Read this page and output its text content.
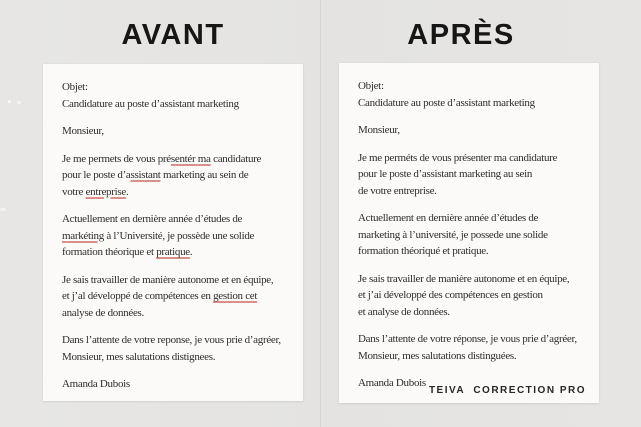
AVANT	APRÈS

Objet:
Candidature au poste d’assistant marketing

Monsieur,

Je me permets de vous présentér ma candidature
pour le poste d’assistant marketing au sein de
votre entreprise.

Actuellement en dernière année d’études de
markéting à l’Université, je possède une solide
formation théorique et pratique.

Je sais travailler de manière autonome et en équipe,
et j’al développé de compétences en gestion cet
analyse de données.

Dans l’attente de votre reponse, je vous prie d’agréer,
Monsieur, mes salutations distignees.

Amanda Dubois

Objet:
Candidature au poste d’assistant marketing

Monsieur,

Je me perméts de vous présenter ma candidature
pour le poste d’assistant marketing au sein
de votre entreprise.

Actuellement en dernière année d’études de
marketing à l’université, je possede une solide
formation théoriqué et pratique.

Je sais travailler de manière autonome et en équipe,
et j’ai développé des compétences en gestion
et analyse de données.

Dans l’attente de votre réponse, je vous prie d’agréer,
Monsieur, mes salutations distinguées.

Amanda Dubois

TEIVA  CORRECTION PRO
